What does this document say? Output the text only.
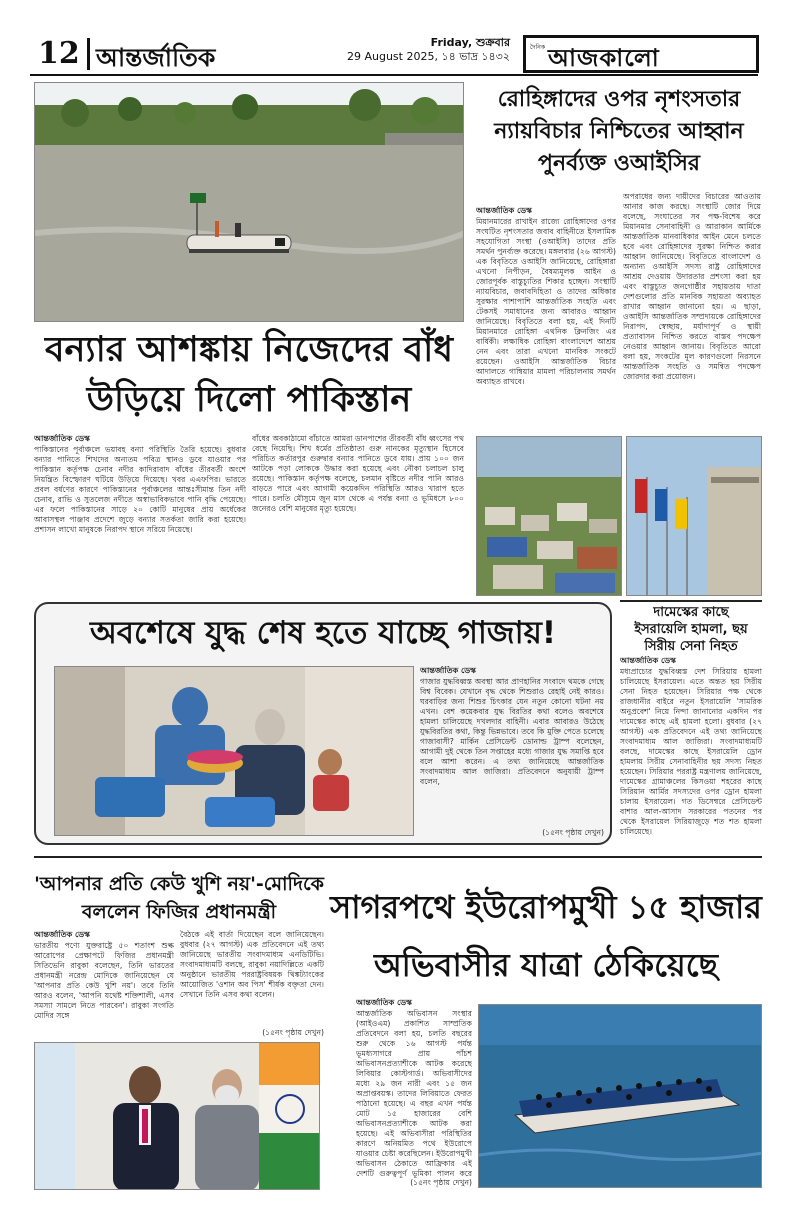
12 আন্তর্জাতিক
Friday, শুক্রবার
29 August 2025, ১৪ ভাদ্র ১৪৩২
দৈনিক আজকালো
রোহিঙ্গাদের ওপর নৃশংসতার
ন্যায়বিচার নিশ্চিতের আহ্বান
পুনর্ব্যক্ত ওআইসির
আন্তর্জাতিক ডেস্ক
মিয়ানমারের রাখাইন রাজ্যে রোহিঙ্গাদের ওপর সংঘটিত নৃশংসতার জবাব বাহিনীতে ইসলামিক সহযোগিতা সংস্থা (ওআইসি) তাদের প্রতি সমর্থন পুনর্ব্যক্ত করেছে। মঙ্গলবার (২৬ আগস্ট) এক বিবৃতিতে ওআইসি জানিয়েছে, রোহিঙ্গারা এখনো নিপীড়ন, বৈষম্যমূলক আইন ও জোরপূর্বক বাস্তুচ্যুতির শিকার হচ্ছেন। সংস্থাটি ন্যায়বিচার, জবাবদিহিতা ও তাদের অধিকার সুরক্ষার পাশাপাশি আন্তর্জাতিক সংহতি এবং টেকসই সমাধানের জন্য আবারও আহ্বান জানিয়েছে। বিবৃতিতে বলা হয়, এই দিনটি মিয়ানমারে রোহিঙ্গা এথনিক ক্লিনজিং এর বার্ষিকী। লক্ষাধিক রোহিঙ্গা বাংলাদেশে আশ্রয় নেন এবং তারা এখনো মানবিক সংকটে রয়েছেন। ওআইসি আন্তর্জাতিক বিচার আদালতে গাম্বিয়ার মামলা পরিচালনায় সমর্থন অব্যাহত রাখবে।
অপরাধের জন্য দায়ীদের বিচারের আওতায় আনার কাজ করছে। সংস্থাটি জোর দিয়ে বলেছে, সংঘাতের সব পক্ষ-বিশেষ করে মিয়ানমার সেনাবাহিনী ও আরাকান আর্মিকে আন্তর্জাতিক মানবাধিকার আইন মেনে চলতে হবে এবং রোহিঙ্গাদের সুরক্ষা নিশ্চিত করার আহ্বান জানিয়েছে। বিবৃতিতে বাংলাদেশ ও অন্যান্য ওআইসি সদস্য রাষ্ট্র রোহিঙ্গাদের আশ্রয় দেওয়ায় উদারতার প্রশংসা করা হয় এবং বাস্তুচ্যুত জনগোষ্ঠীর সহায়তায় দাতা দেশগুলোর প্রতি মানবিক সহায়তা অব্যাহত রাখার আহ্বান জানানো হয়। এ ছাড়া, ওআইসি আন্তর্জাতিক সম্প্রদায়কে রোহিঙ্গাদের নিরাপদ, স্বেচ্ছায়, মর্যাদাপূর্ণ ও স্থায়ী প্রত্যাবাসন নিশ্চিত করতে বাস্তব পদক্ষেপ নেওয়ার আহ্বান জানায়। বিবৃতিতে আরো বলা হয়, সংকটের মূল কারণগুলো নিরসনে আন্তর্জাতিক সংহতি ও সমন্বিত পদক্ষেপ জোরদার করা প্রয়োজন।
বন্যার আশঙ্কায় নিজেদের বাঁধ
উড়িয়ে দিলো পাকিস্তান
আন্তর্জাতিক ডেস্ক
পাকিস্তানের পূর্বাঞ্চলে ভয়াবহ বন্যা পরিস্থিতি তৈরি হয়েছে। বুধবার বন্যার পানিতে শিখদের অন্যতম পবিত্র স্থানও ডুবে যাওয়ার পর পাকিস্তান কর্তৃপক্ষ চেনাব নদীর কাদিরাবাদ বাঁধের তীরবর্তী অংশে নিয়ন্ত্রিত বিস্ফোরণ ঘটিয়ে উড়িয়ে দিয়েছে। খবর এএফপির। ভারতে প্রবল বর্ষণের কারণে পাকিস্তানের পূর্বাঞ্চলের আন্তঃসীমান্ত তিন নদী চেনাব, রাভি ও সুতলেজ নদীতে অস্বাভাবিকভাবে পানি বৃদ্ধি পেয়েছে। এর ফলে পাকিস্তানের সাড়ে ২০ কোটি মানুষের প্রায় অর্ধেকের আবাসস্থল পাঞ্জাব প্রদেশে জুড়ে বন্যার সতর্কতা জারি করা হয়েছে। প্রশাসন লাখো মানুষকে নিরাপদ স্থানে সরিয়ে নিয়েছে।
বাঁধের অবকাঠামো বাঁচাতে আমরা ডানপাশের তীরবর্তী বাঁধ ধ্বংসের পথ বেছে নিয়েছি। শিখ ধর্মের প্রতিষ্ঠাতা গুরু নানকের মৃত্যুস্থান হিসেবে পরিচিত কর্তারপুর গুরুদ্বার বন্যার পানিতে ডুবে যায়। প্রায় ১০০ জন আটকে পড়া লোককে উদ্ধার করা হয়েছে এবং নৌকা চলাচল চালু রয়েছে। পাকিস্তান কর্তৃপক্ষ বলেছে, চলমান বৃষ্টিতে নদীর পানি আরও বাড়তে পারে এবং আগামী কয়েকদিন পরিস্থিতি আরও খারাপ হতে পারে। চলতি মৌসুমে জুন মাস থেকে এ পর্যন্ত বন্যা ও ভূমিধসে ৮০০ জনেরও বেশি মানুষের মৃত্যু হয়েছে।
অবশেষে যুদ্ধ শেষ হতে যাচ্ছে গাজায়!
আন্তর্জাতিক ডেস্ক
গাজার যুদ্ধবিধ্বস্ত অবস্থা আর প্রাণহানির সংবাদে থমকে গেছে বিশ্ব বিবেক। যেখানে বৃদ্ধ থেকে শিশুরাও রেহাই নেই কারও। ঘরবাড়ির জন্য শিশুর চিৎকার যেন নতুন কোনো ঘটনা নয় এখন। বেশ কয়েকবার যুদ্ধ বিরতির কথা বলেও অবশেষে হামলা চালিয়েছে দখলদার বাহিনী। এবার আবারও উঠেছে যুদ্ধবিরতির কথা, কিন্তু ভিন্নভাবে। তবে কি মুক্তি পেতে চলেছে গাজাবাসী? মার্কিন প্রেসিডেন্ট ডোনাল্ড ট্রাম্প বলেছেন, আগামী দুই থেকে তিন সপ্তাহের মধ্যে গাজার যুদ্ধ সমাপ্তি হবে বলে আশা করেন। এ তথ্য জানিয়েছে আন্তর্জাতিক সংবাদমাধ্যম আল জাজিরা। প্রতিবেদনে অনুযায়ী ট্রাম্প বলেন,
(১৫নং পৃষ্ঠায় দেখুন)
দামেস্কের কাছে
ইসরায়েলি হামলা, ছয়
সিরীয় সেনা নিহত
আন্তর্জাতিক ডেস্ক
মধ্যপ্রাচ্যের যুদ্ধবিধ্বস্ত দেশ সিরিয়ায় হামলা চালিয়েছে ইসরায়েল। এতে অন্তত ছয় সিরীয় সেনা নিহত হয়েছেন। সিরিয়ার পক্ষ থেকে রাজধানীর বাইরে নতুন ইসরায়েলি 'সামরিক অনুপ্রবেশ' নিয়ে নিন্দা জানানোর একদিন পর দামেস্কের কাছে এই হামলা হলো। বুধবার (২৭ আগস্ট) এক প্রতিবেদনে এই তথ্য জানিয়েছে সংবাদমাধ্যম আল জাজিরা। সংবাদমাধ্যমটি বলছে, দামেস্কের কাছে ইসরায়েলি ড্রোন হামলায় সিরীয় সেনাবাহিনীর ছয় সদস্য নিহত হয়েছেন। সিরিয়ার পররাষ্ট্র মন্ত্রণালয় জানিয়েছে, দামেস্কের গ্রামাঞ্চলের কিসওয়া শহরের কাছে সিরিয়ান আর্মির সদস্যদের ওপর ড্রোন হামলা চালায় ইসরায়েল। গত ডিসেম্বরে প্রেসিডেন্ট বাশার আল-আসাদ সরকারের পতনের পর থেকে ইসরায়েল সিরিয়াজুড়ে শত শত হামলা চালিয়েছে।
'আপনার প্রতি কেউ খুশি নয়'-মোদিকে
বললেন ফিজির প্রধানমন্ত্রী
আন্তর্জাতিক ডেস্ক
ভারতীয় পণ্যে যুক্তরাষ্ট্রে ৫০ শতাংশ শুল্ক আরোপের প্রেক্ষাপটে ফিজির প্রধানমন্ত্রী সিতিভেনি রাবুকা বলেছেন, তিনি ভারতের প্রধানমন্ত্রী নরেন্দ্র মোদিকে জানিয়েছেন যে 'আপনার প্রতি কেউ খুশি নয়'। তবে তিনি আরও বলেন, 'আপনি যথেষ্ট শক্তিশালী, এসব সমস্যা সামলে নিতে পারবেন'। রাবুকা সংগতি মোদির সঙ্গে
বৈঠকে এই বার্তা দিয়েছেন বলে জানিয়েছেন। বুধবার (২৭ আগস্ট) এক প্রতিবেদনে এই তথ্য জানিয়েছে ভারতীয় সংবাদমাধ্যম এনডিটিভি। সংবাদমাধ্যমটি বলছে, রাবুকা নয়াদিল্লিতে একটি অনুষ্ঠানে ভারতীয় পররাষ্ট্রবিষয়ক থিঙ্কট্যাংকের আয়োজিত 'ওশান অব পিস' শীর্ষক বক্তৃতা দেন। সেখানে তিনি এসব কথা বলেন।
(১৫নং পৃষ্ঠায় দেখুন)
সাগরপথে ইউরোপমুখী ১৫ হাজার
অভিবাসীর যাত্রা ঠেকিয়েছে
আন্তর্জাতিক ডেস্ক
আন্তর্জাতিক অভিবাসন সংস্থার (আইওএম) প্রকাশিত সাম্প্রতিক প্রতিবেদনে বলা হয়, চলতি বছরের শুরু থেকে ১৬ আগস্ট পর্যন্ত ভূমধ্যসাগরে প্রায় পাঁচশ অভিবাসনপ্রত্যাশীকে আটক করেছে লিবিয়ার কোস্টগার্ড। অভিবাসীদের মধ্যে ২৯ জন নারী এবং ১৫ জন অপ্রাপ্তবয়স্ক। তাদের লিবিয়াতে ফেরত পাঠানো হয়েছে। এ বছর এখন পর্যন্ত মোট ১৫ হাজারের বেশি অভিবাসনপ্রত্যাশীকে আটক করা হয়েছে। এই অভিবাসীরা পরিস্থিতির কারণে অনিয়মিত পথে ইউরোপে যাওয়ার চেষ্টা করেছিলেন। ইউরোপমুখী অভিবাসন ঠেকাতে আফ্রিকার এই দেশটি গুরুত্বপূর্ণ ভূমিকা পালন করে
(১৫নং পৃষ্ঠায় দেখুন)
